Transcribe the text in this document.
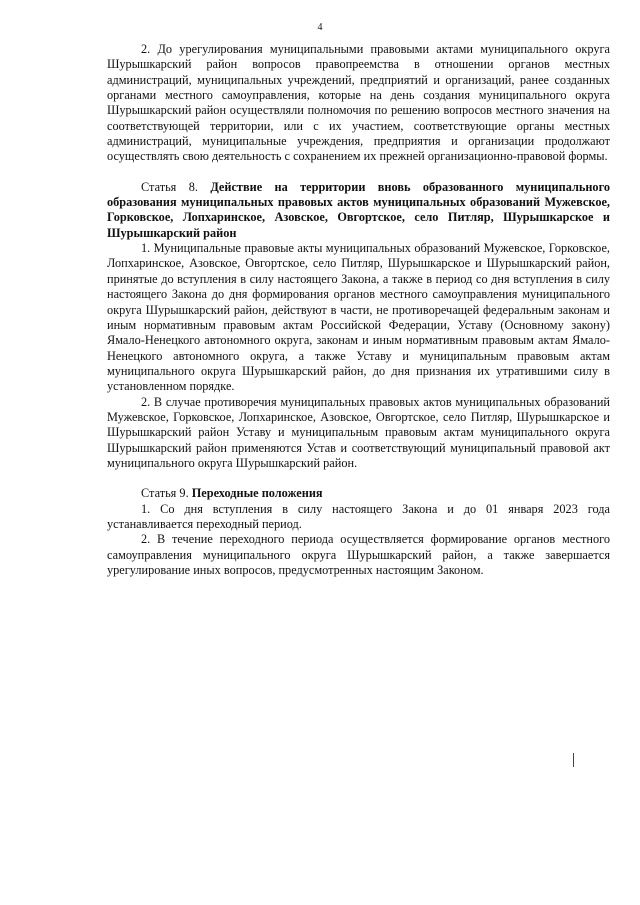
4

2. До урегулирования муниципальными правовыми актами муниципального округа Шурышкарский район вопросов правопреемства в отношении органов местных администраций, муниципальных учреждений, предприятий и организаций, ранее созданных органами местного самоуправления, которые на день создания муниципального округа Шурышкарский район осуществляли полномочия по решению вопросов местного значения на соответствующей территории, или с их участием, соответствующие органы местных администраций, муниципальные учреждения, предприятия и организации продолжают осуществлять свою деятельность с сохранением их прежней организационно-правовой формы.

Статья 8. Действие на территории вновь образованного муниципального образования муниципальных правовых актов муниципальных образований Мужевское, Горковское, Лопхаринское, Азовское, Овгортское, село Питляр, Шурышкарское и Шурышкарский район

1. Муниципальные правовые акты муниципальных образований Мужевское, Горковское, Лопхаринское, Азовское, Овгортское, село Питляр, Шурышкарское и Шурышкарский район, принятые до вступления в силу настоящего Закона, а также в период со дня вступления в силу настоящего Закона до дня формирования органов местного самоуправления муниципального округа Шурышкарский район, действуют в части, не противоречащей федеральным законам и иным нормативным правовым актам Российской Федерации, Уставу (Основному закону) Ямало-Ненецкого автономного округа, законам и иным нормативным правовым актам Ямало-Ненецкого автономного округа, а также Уставу и муниципальным правовым актам муниципального округа Шурышкарский район, до дня признания их утратившими силу в установленном порядке.

2. В случае противоречия муниципальных правовых актов муниципальных образований Мужевское, Горковское, Лопхаринское, Азовское, Овгортское, село Питляр, Шурышкарское и Шурышкарский район Уставу и муниципальным правовым актам муниципального округа Шурышкарский район применяются Устав и соответствующий муниципальный правовой акт муниципального округа Шурышкарский район.

Статья 9. Переходные положения

1. Со дня вступления в силу настоящего Закона и до 01 января 2023 года устанавливается переходный период.

2. В течение переходного периода осуществляется формирование органов местного самоуправления муниципального округа Шурышкарский район, а также завершается урегулирование иных вопросов, предусмотренных настоящим Законом.
